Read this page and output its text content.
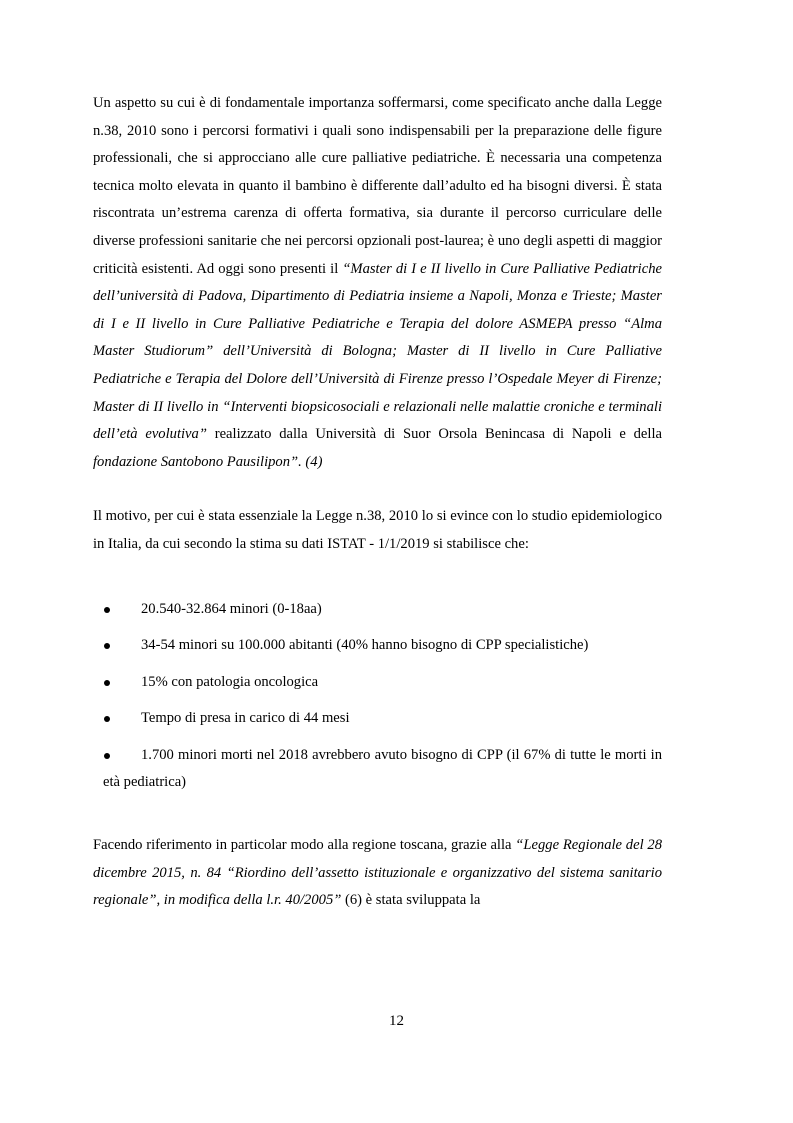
Un aspetto su cui è di fondamentale importanza soffermarsi, come specificato anche dalla Legge n.38, 2010 sono i percorsi formativi i quali sono indispensabili per la preparazione delle figure professionali, che si approcciano alle cure palliative pediatriche. È necessaria una competenza tecnica molto elevata in quanto il bambino è differente dall’adulto ed ha bisogni diversi. È stata riscontrata un’estrema carenza di offerta formativa, sia durante il percorso curriculare delle diverse professioni sanitarie che nei percorsi opzionali post-laurea; è uno degli aspetti di maggior criticità esistenti. Ad oggi sono presenti il “Master di I e II livello in Cure Palliative Pediatriche dell’università di Padova, Dipartimento di Pediatria insieme a Napoli, Monza e Trieste; Master di I e II livello in Cure Palliative Pediatriche e Terapia del dolore ASMEPA presso “Alma Master Studiorum” dell’Università di Bologna; Master di II livello in Cure Palliative Pediatriche e Terapia del Dolore dell’Università di Firenze presso l’Ospedale Meyer di Firenze; Master di II livello in “Interventi biopsicosociali e relazionali nelle malattie croniche e terminali dell’età evolutiva” realizzato dalla Università di Suor Orsola Benincasa di Napoli e della fondazione Santobono Pausilipon”. (4)

Il motivo, per cui è stata essenziale la Legge n.38, 2010 lo si evince con lo studio epidemiologico in Italia, da cui secondo la stima su dati ISTAT - 1/1/2019 si stabilisce che:

20.540-32.864 minori (0-18aa)
34-54 minori su 100.000 abitanti (40% hanno bisogno di CPP specialistiche)
15% con patologia oncologica
Tempo di presa in carico di 44 mesi
1.700 minori morti nel 2018 avrebbero avuto bisogno di CPP (il 67% di tutte le morti in età pediatrica)

Facendo riferimento in particolar modo alla regione toscana, grazie alla “Legge Regionale del 28 dicembre 2015, n. 84 “Riordino dell’assetto istituzionale e organizzativo del sistema sanitario regionale”, in modifica della l.r. 40/2005” (6) è stata sviluppata la

12
